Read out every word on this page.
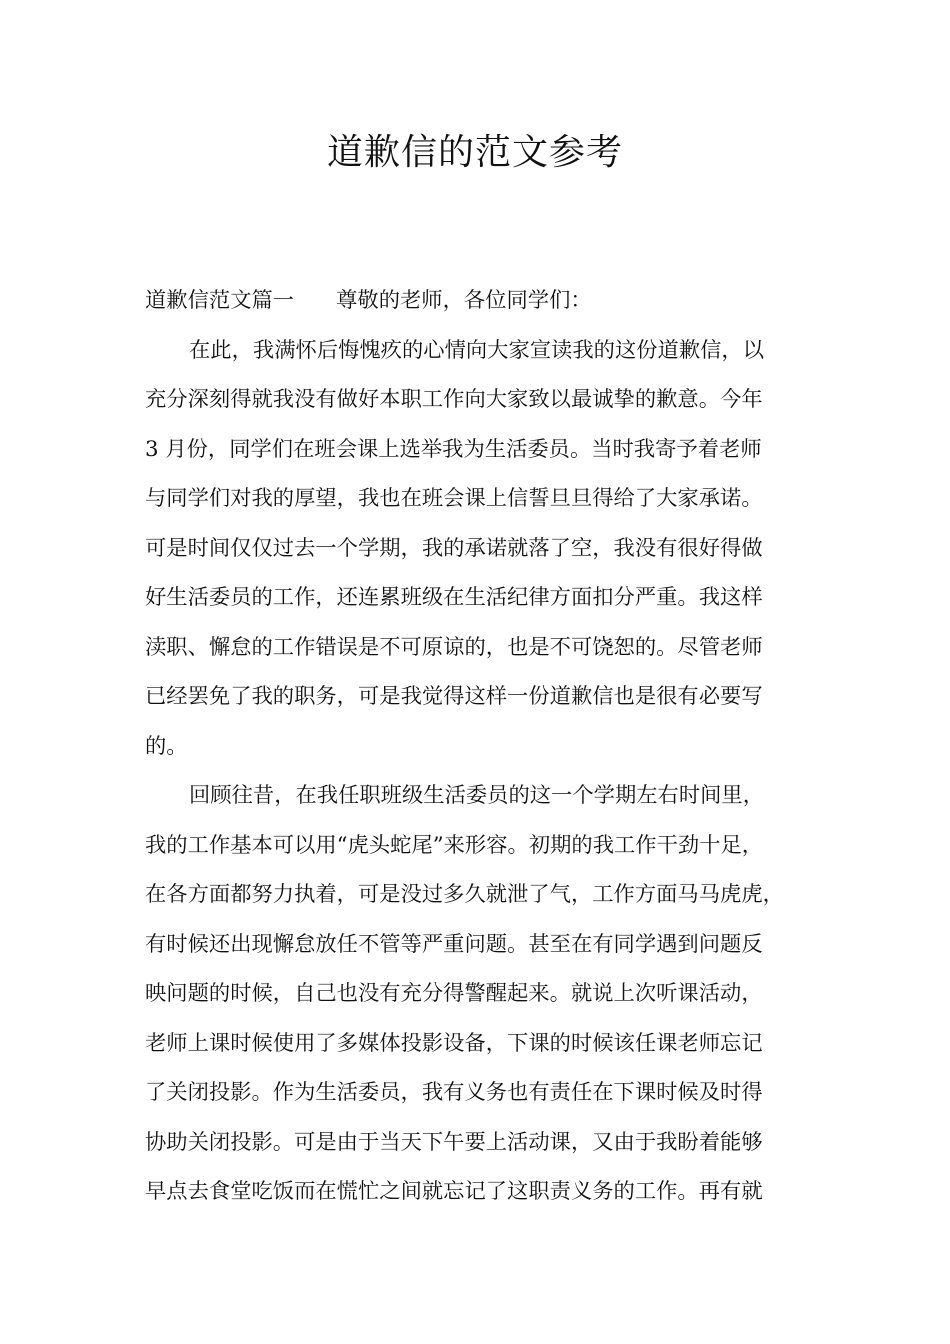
道歉信的范文参考

道歉信范文篇一 尊敬的老师，各位同学们：

在此，我满怀后悔愧疚的心情向大家宣读我的这份道歉信，以

充分深刻得就我没有做好本职工作向大家致以最诚挚的歉意。今年

3 月份，同学们在班会课上选举我为生活委员。当时我寄予着老师

与同学们对我的厚望，我也在班会课上信誓旦旦得给了大家承诺。

可是时间仅仅过去一个学期，我的承诺就落了空，我没有很好得做

好生活委员的工作，还连累班级在生活纪律方面扣分严重。我这样

渎职、懈怠的工作错误是不可原谅的，也是不可饶恕的。尽管老师

已经罢免了我的职务，可是我觉得这样一份道歉信也是很有必要写

的。

回顾往昔，在我任职班级生活委员的这一个学期左右时间里，

我的工作基本可以用“虎头蛇尾”来形容。初期的我工作干劲十足，

在各方面都努力执着，可是没过多久就泄了气，工作方面马马虎虎，

有时候还出现懈怠放任不管等严重问题。甚至在有同学遇到问题反

映问题的时候，自己也没有充分得警醒起来。就说上次听课活动，

老师上课时候使用了多媒体投影设备，下课的时候该任课老师忘记

了关闭投影。作为生活委员，我有义务也有责任在下课时候及时得

协助关闭投影。可是由于当天下午要上活动课，又由于我盼着能够

早点去食堂吃饭而在慌忙之间就忘记了这职责义务的工作。再有就
